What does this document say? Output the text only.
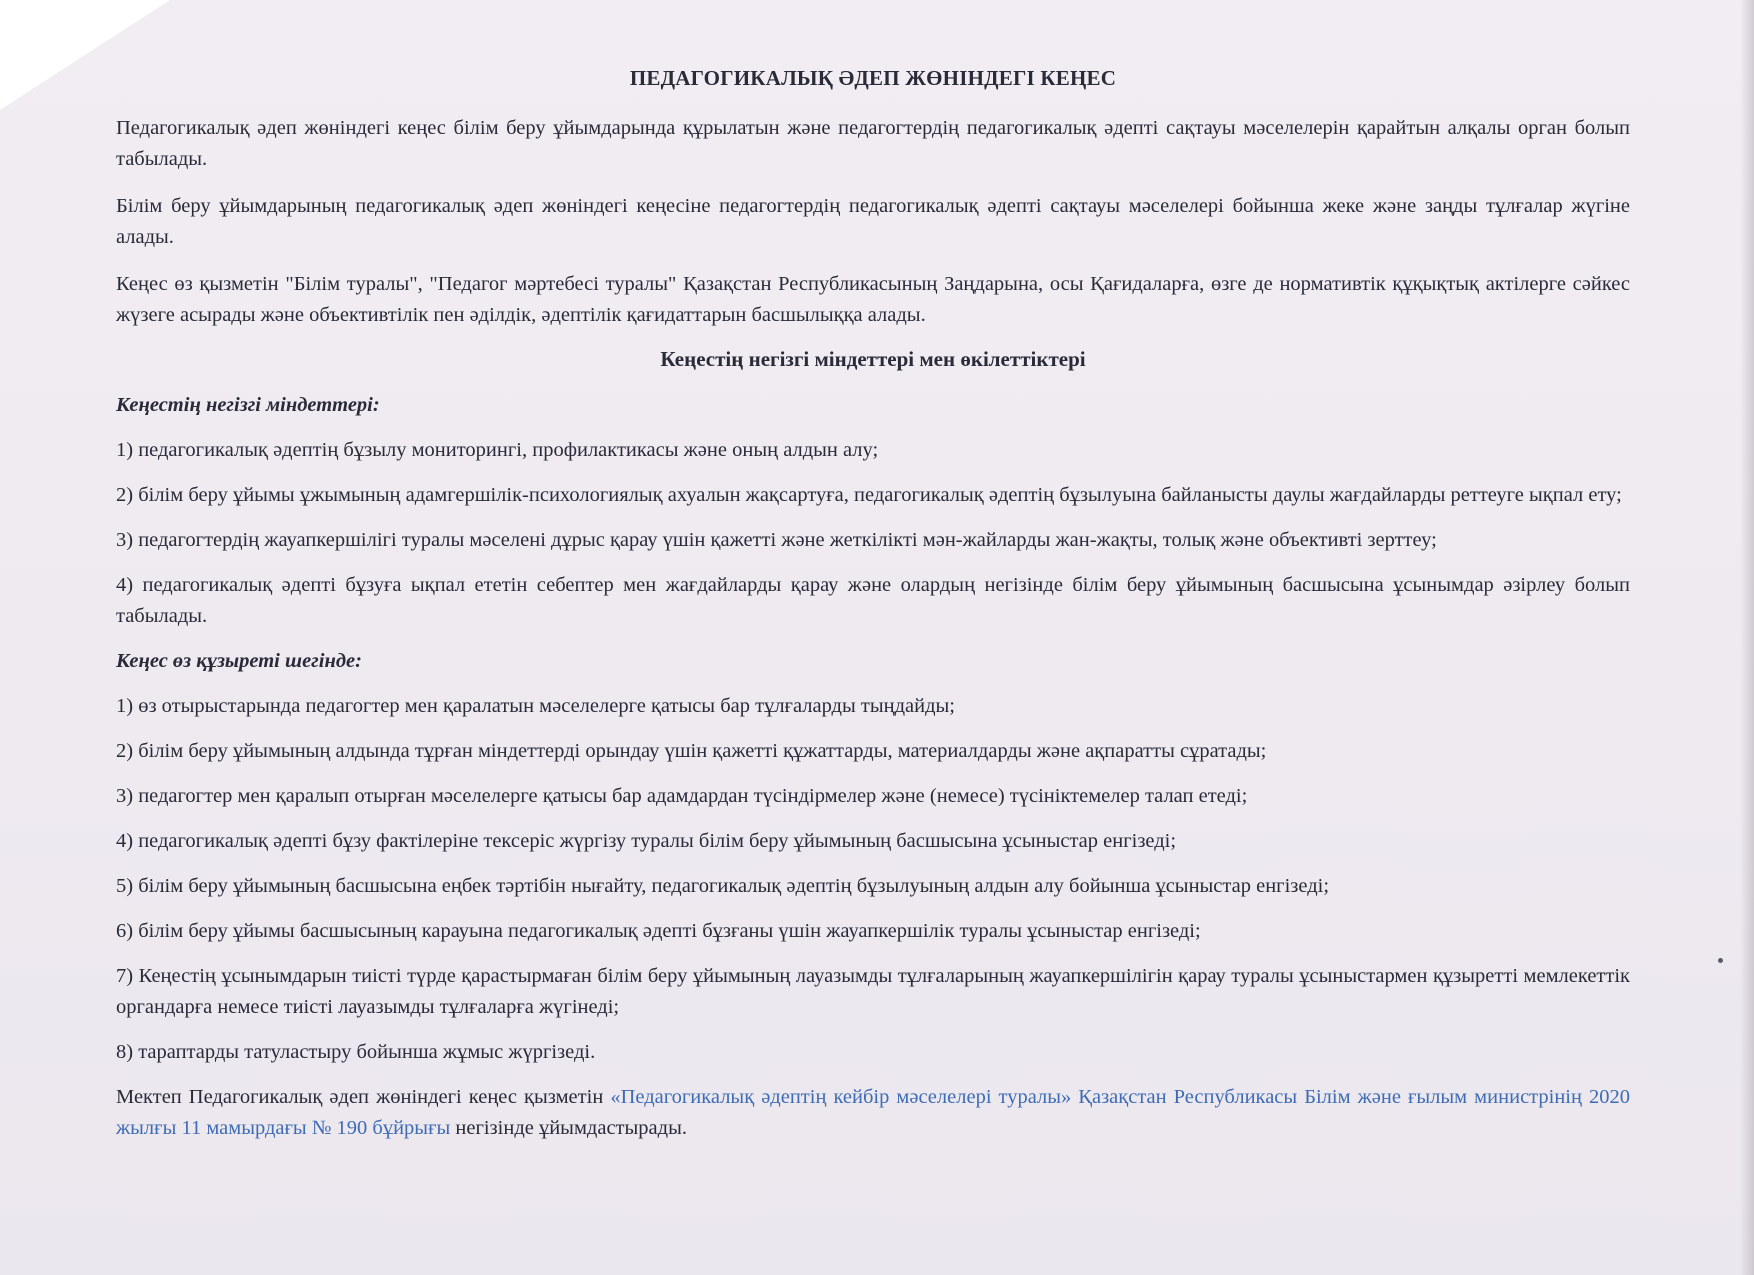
ПЕДАГОГИКАЛЫҚ ӘДЕП ЖӨНІНДЕГІ КЕҢЕС

Педагогикалық әдеп жөніндегі кеңес білім беру ұйымдарында құрылатын және педагогтердің педагогикалық әдепті сақтауы мәселелерін қарайтын алқалы орган болып табылады.

Білім беру ұйымдарының педагогикалық әдеп жөніндегі кеңесіне педагогтердің педагогикалық әдепті сақтауы мәселелері бойынша жеке және заңды тұлғалар жүгіне алады.

Кеңес өз қызметін "Білім туралы", "Педагог мәртебесі туралы" Қазақстан Республикасының Заңдарына, осы Қағидаларға, өзге де нормативтік құқықтық актілерге сәйкес жүзеге асырады және объективтілік пен әділдік, әдептілік қағидаттарын басшылыққа алады.

Кеңестің негізгі міндеттері мен өкілеттіктері
Кеңестің негізгі міндеттері:

1) педагогикалық әдептің бұзылу мониторингі, профилактикасы және оның алдын алу;

2) білім беру ұйымы ұжымының адамгершілік-психологиялық ахуалын жақсартуға, педагогикалық әдептің бұзылуына байланысты даулы жағдайларды реттеуге ықпал ету;

3) педагогтердің жауапкершілігі туралы мәселені дұрыс қарау үшін қажетті және жеткілікті мән-жайларды жан-жақты, толық және объективті зерттеу;

4) педагогикалық әдепті бұзуға ықпал ететін себептер мен жағдайларды қарау және олардың негізінде білім беру ұйымының басшысына ұсынымдар әзірлеу болып табылады.

Кеңес өз құзыреті шегінде:

1) өз отырыстарында педагогтер мен қаралатын мәселелерге қатысы бар тұлғаларды тыңдайды;

2) білім беру ұйымының алдында тұрған міндеттерді орындау үшін қажетті құжаттарды, материалдарды және ақпаратты сұратады;

3) педагогтер мен қаралып отырған мәселелерге қатысы бар адамдардан түсіндірмелер және (немесе) түсініктемелер талап етеді;

4) педагогикалық әдепті бұзу фактілеріне тексеріс жүргізу туралы білім беру ұйымының басшысына ұсыныстар енгізеді;

5) білім беру ұйымының басшысына еңбек тәртібін нығайту, педагогикалық әдептің бұзылуының алдын алу бойынша ұсыныстар енгізеді;

6) білім беру ұйымы басшысының карауына педагогикалық әдепті бұзғаны үшін жауапкершілік туралы ұсыныстар енгізеді;

7) Кеңестің ұсынымдарын тиісті түрде қарастырмаған білім беру ұйымының лауазымды тұлғаларының жауапкершілігін қарау туралы ұсыныстармен құзыретті мемлекеттік органдарға немесе тиісті лауазымды тұлғаларға жүгінеді;

8) тараптарды татуластыру бойынша жұмыс жүргізеді.

Мектеп Педагогикалық әдеп жөніндегі кеңес қызметін «Педагогикалық әдептің кейбір мәселелері туралы» Қазақстан Республикасы Білім және ғылым министрінің 2020 жылғы 11 мамырдағы № 190 бұйрығы негізінде ұйымдастырады.
